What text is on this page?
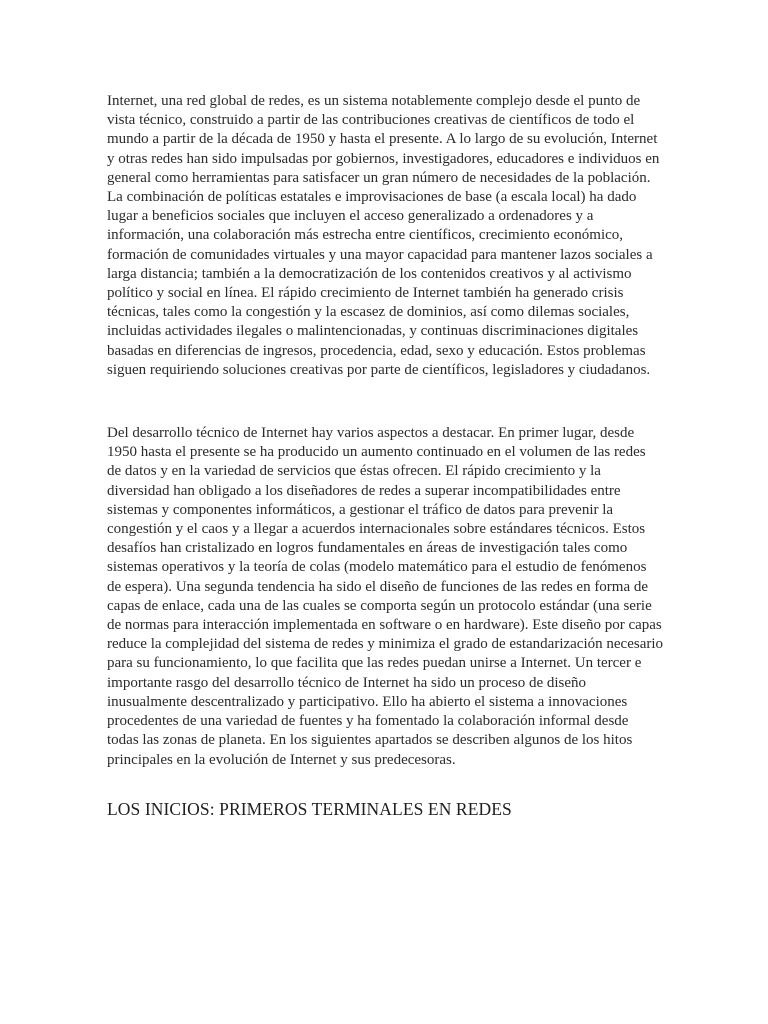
Internet, una red global de redes, es un sistema notablemente complejo desde el punto de vista técnico, construido a partir de las contribuciones creativas de científicos de todo el mundo a partir de la década de 1950 y hasta el presente. A lo largo de su evolución, Internet y otras redes han sido impulsadas por gobiernos, investigadores, educadores e individuos en general como herramientas para satisfacer un gran número de necesidades de la población. La combinación de políticas estatales e improvisaciones de base (a escala local) ha dado lugar a beneficios sociales que incluyen el acceso generalizado a ordenadores y a información, una colaboración más estrecha entre científicos, crecimiento económico, formación de comunidades virtuales y una mayor capacidad para mantener lazos sociales a larga distancia; también a la democratización de los contenidos creativos y al activismo político y social en línea. El rápido crecimiento de Internet también ha generado crisis técnicas, tales como la congestión y la escasez de dominios, así como dilemas sociales, incluidas actividades ilegales o malintencionadas, y continuas discriminaciones digitales basadas en diferencias de ingresos, procedencia, edad, sexo y educación. Estos problemas siguen requiriendo soluciones creativas por parte de científicos, legisladores y ciudadanos.

Del desarrollo técnico de Internet hay varios aspectos a destacar. En primer lugar, desde 1950 hasta el presente se ha producido un aumento continuado en el volumen de las redes de datos y en la variedad de servicios que éstas ofrecen. El rápido crecimiento y la diversidad han obligado a los diseñadores de redes a superar incompatibilidades entre sistemas y componentes informáticos, a gestionar el tráfico de datos para prevenir la congestión y el caos y a llegar a acuerdos internacionales sobre estándares técnicos. Estos desafíos han cristalizado en logros fundamentales en áreas de investigación tales como sistemas operativos y la teoría de colas (modelo matemático para el estudio de fenómenos de espera). Una segunda tendencia ha sido el diseño de funciones de las redes en forma de capas de enlace, cada una de las cuales se comporta según un protocolo estándar (una serie de normas para interacción implementada en software o en hardware). Este diseño por capas reduce la complejidad del sistema de redes y minimiza el grado de estandarización necesario para su funcionamiento, lo que facilita que las redes puedan unirse a Internet. Un tercer e importante rasgo del desarrollo técnico de Internet ha sido un proceso de diseño inusualmente descentralizado y participativo. Ello ha abierto el sistema a innovaciones procedentes de una variedad de fuentes y ha fomentado la colaboración informal desde todas las zonas de planeta. En los siguientes apartados se describen algunos de los hitos principales en la evolución de Internet y sus predecesoras.

LOS INICIOS: PRIMEROS TERMINALES EN REDES
